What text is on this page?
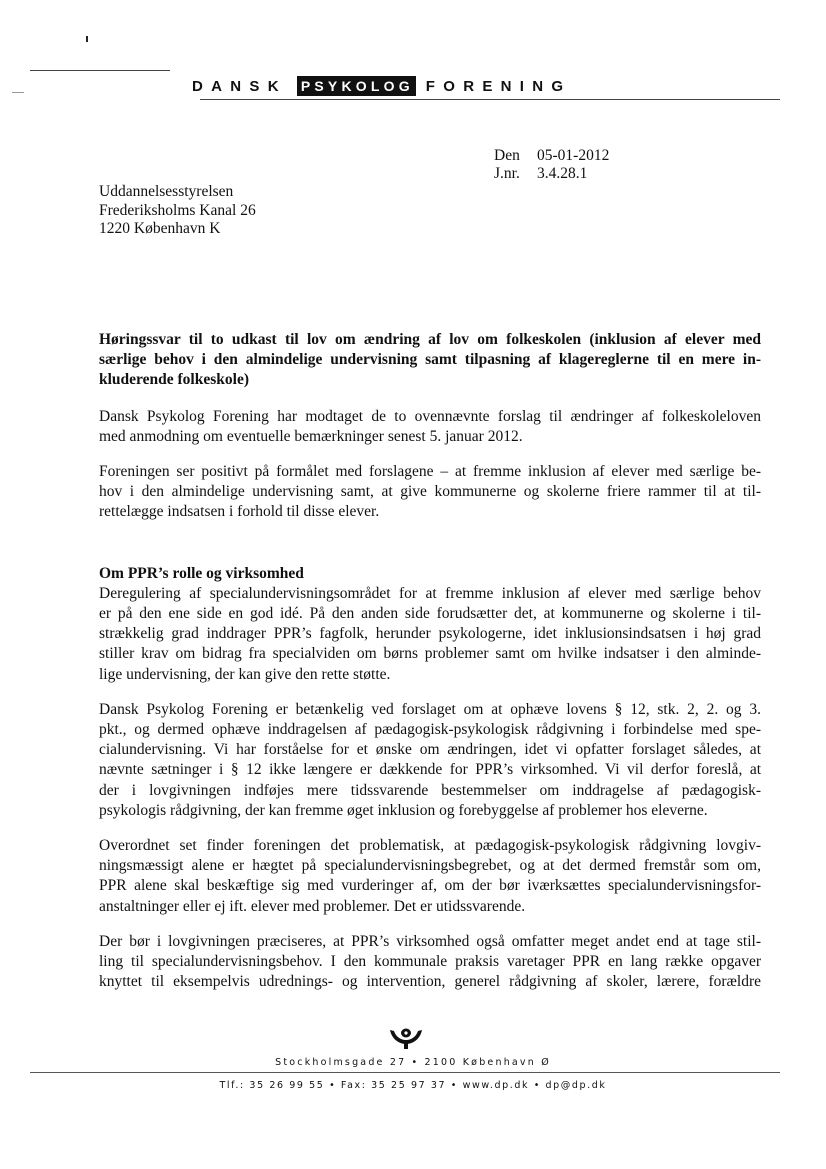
DANSK PSYKOLOG FORENING
Den	05-01-2012
J.nr.	3.4.28.1
Uddannelsesstyrelsen
Frederiksholms Kanal 26
1220 København K

Høringssvar til to udkast til lov om ændring af lov om folkeskolen (inklusion af elever med
særlige behov i den almindelige undervisning samt tilpasning af klagereglerne til en mere in-
kluderende folkeskole)

Dansk Psykolog Forening har modtaget de to ovennævnte forslag til ændringer af folkeskoleloven
med anmodning om eventuelle bemærkninger senest 5. januar 2012.

Foreningen ser positivt på formålet med forslagene – at fremme inklusion af elever med særlige be-
hov i den almindelige undervisning samt, at give kommunerne og skolerne friere rammer til at til-
rettelægge indsatsen i forhold til disse elever.

Om PPR’s rolle og virksomhed

Deregulering af specialundervisningsområdet for at fremme inklusion af elever med særlige behov
er på den ene side en god idé. På den anden side forudsætter det, at kommunerne og skolerne i til-
strækkelig grad inddrager PPR’s fagfolk, herunder psykologerne, idet inklusionsindsatsen i høj grad
stiller krav om bidrag fra specialviden om børns problemer samt om hvilke indsatser i den alminde-
lige undervisning, der kan give den rette støtte.

Dansk Psykolog Forening er betænkelig ved forslaget om at ophæve lovens § 12, stk. 2, 2. og 3.
pkt., og dermed ophæve inddragelsen af pædagogisk-psykologisk rådgivning i forbindelse med spe-
cialundervisning. Vi har forståelse for et ønske om ændringen, idet vi opfatter forslaget således, at
nævnte sætninger i § 12 ikke længere er dækkende for PPR’s virksomhed. Vi vil derfor foreslå, at
der i lovgivningen indføjes mere tidssvarende bestemmelser om inddragelse af pædagogisk-
psykologis rådgivning, der kan fremme øget inklusion og forebyggelse af problemer hos eleverne.

Overordnet set finder foreningen det problematisk, at pædagogisk-psykologisk rådgivning lovgiv-
ningsmæssigt alene er hægtet på specialundervisningsbegrebet, og at det dermed fremstår som om,
PPR alene skal beskæftige sig med vurderinger af, om der bør iværksættes specialundervisningsfor-
anstaltninger eller ej ift. elever med problemer. Det er utidssvarende.

Der bør i lovgivningen præciseres, at PPR’s virksomhed også omfatter meget andet end at tage stil-
ling til specialundervisningsbehov. I den kommunale praksis varetager PPR en lang række opgaver
knyttet til eksempelvis udrednings- og intervention, generel rådgivning af skoler, lærere, forældre

Stockholmsgade 27 • 2100 København Ø
Tlf.: 35 26 99 55 • Fax: 35 25 97 37 • www.dp.dk • dp@dp.dk
